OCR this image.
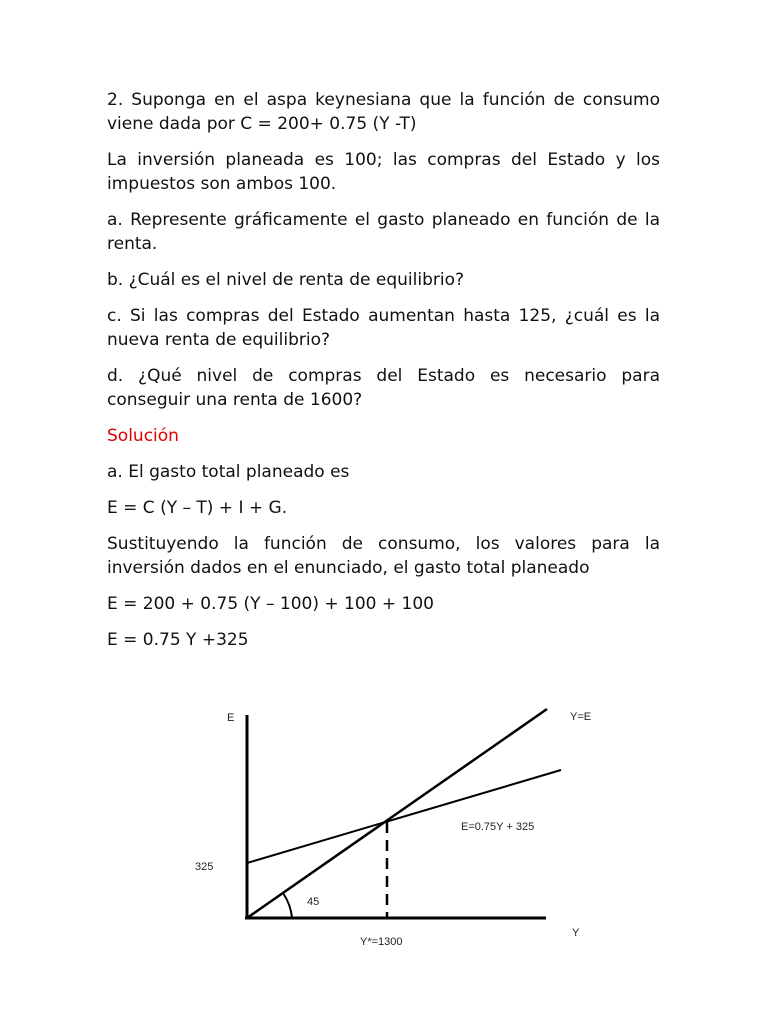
2. Suponga en el aspa keynesiana que la función de consumo viene dada por C = 200+ 0.75 (Y -T)

La inversión planeada es 100; las compras del Estado y los impuestos son ambos 100.

a. Represente gráficamente el gasto planeado en función de la renta.

b. ¿Cuál es el nivel de renta de equilibrio?

c. Si las compras del Estado aumentan hasta 125, ¿cuál es la nueva renta de equilibrio?

d. ¿Qué nivel de compras del Estado es necesario para conseguir una renta de 1600?

Solución

a. El gasto total planeado es

E = C (Y – T) + I + G.

Sustituyendo la función de consumo, los valores para la inversión dados en el enunciado, el gasto total planeado

E = 200 + 0.75 (Y – 100) + 100 + 100

E = 0.75 Y +325

E
Y
Y=E
E=0.75Y + 325
325
45
Y*=1300
